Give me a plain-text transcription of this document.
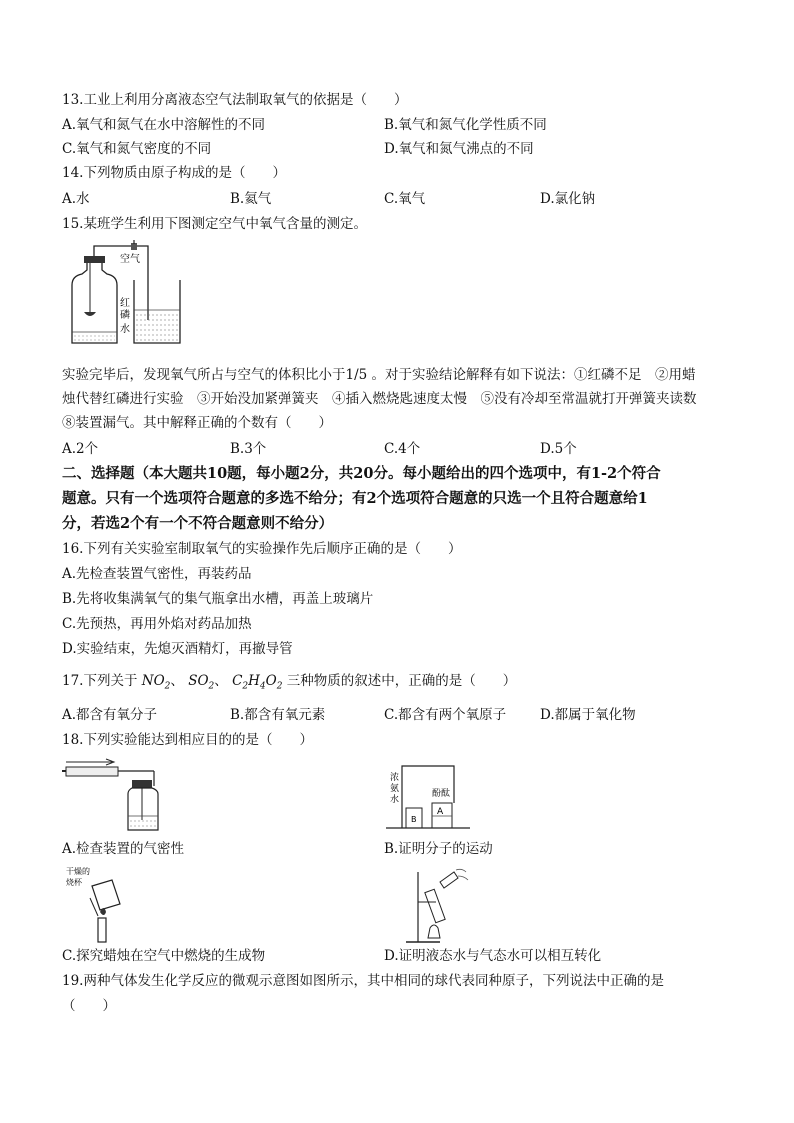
13.工业上利用分离液态空气法制取氧气的依据是（　　）
A.氧气和氮气在水中溶解性的不同	B.氧气和氮气化学性质不同
C.氧气和氮气密度的不同	D.氧气和氮气沸点的不同
14.下列物质由原子构成的是（　　）
A.水	B.氦气	C.氧气	D.氯化钠
15.某班学生利用下图测定空气中氧气含量的测定。
空气
红
磷
水
实验完毕后，发现氧气所占与空气的体积比小于1/5 。对于实验结论解释有如下说法：①红磷不足　②用蜡
烛代替红磷进行实验　③开始没加紧弹簧夹　④插入燃烧匙速度太慢　⑤没有冷却至常温就打开弹簧夹读数
⑧装置漏气。其中解释正确的个数有（　　）
A.2个	B.3个	C.4个	D.5个
二、选择题（本大题共10题，每小题2分，共20分。每小题给出的四个选项中，有1-2个符合
题意。只有一个选项符合题意的多选不给分；有2个选项符合题意的只选一个且符合题意给1
分，若选2个有一个不符合题意则不给分）
16.下列有关实验室制取氧气的实验操作先后顺序正确的是（　　）
A.先检查装置气密性，再装药品
B.先将收集满氧气的集气瓶拿出水槽，再盖上玻璃片
C.先预热，再用外焰对药品加热
D.实验结束，先熄灭酒精灯，再撤导管
17.下列关于 $NO_2$、 $SO_2$、 $C_2H_4O_2$ 三种物质的叙述中，正确的是（　　）
A.都含有氧分子	B.都含有氧元素	C.都含有两个氧原子	D.都属于氧化物
18.下列实验能达到相应目的的是（　　）
浓
氨
水
酚酞
B
A
A.检查装置的气密性	B.证明分子的运动
干燥的
烧杯
C.探究蜡烛在空气中燃烧的生成物	D.证明液态水与气态水可以相互转化
19.两种气体发生化学反应的微观示意图如图所示，其中相同的球代表同种原子，下列说法中正确的是
（　　）
